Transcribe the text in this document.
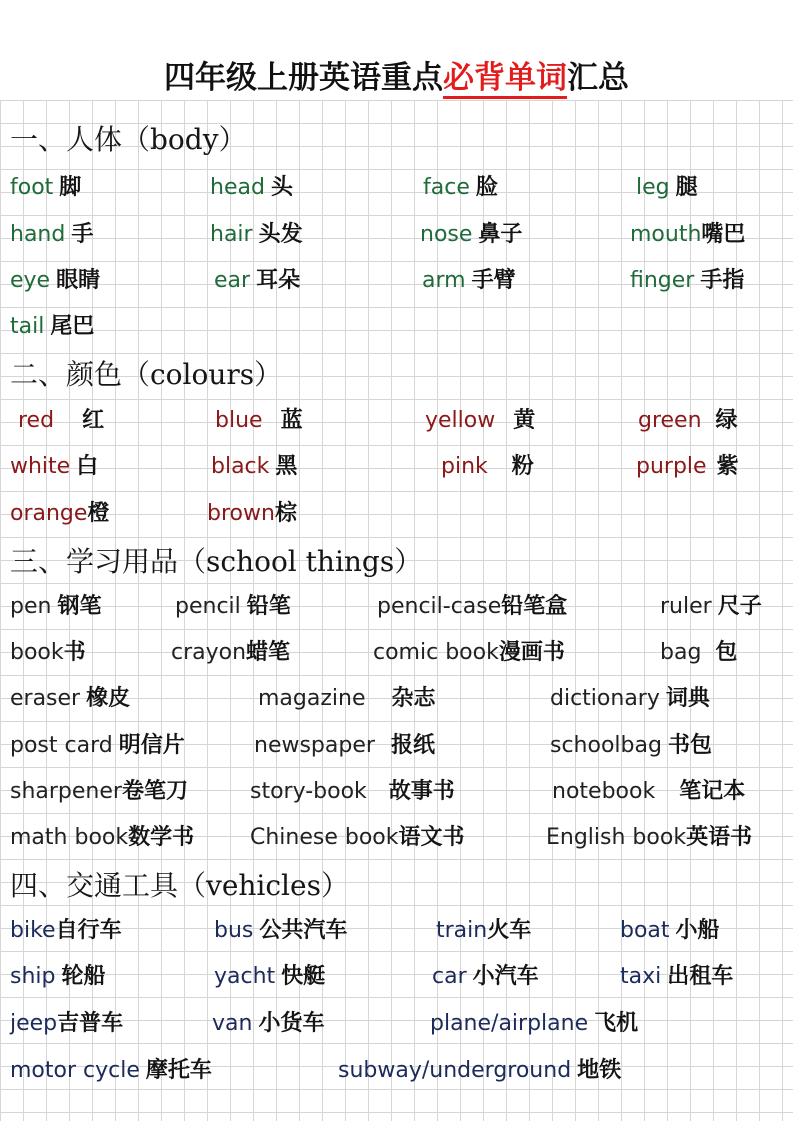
四年级上册英语重点必背单词汇总
一、人体（body）
foot 脚	head 头	face 脸	leg 腿
hand 手	hair 头发	nose 鼻子	mouth嘴巴
eye 眼睛	ear 耳朵	arm 手臂	finger 手指
tail 尾巴
二、颜色（colours）
red 红	blue 蓝	yellow 黄	green 绿
white 白	black 黑	pink 粉	purple 紫
orange橙	brown棕
三、学习用品（school things）
pen 钢笔	pencil 铅笔	pencil-case铅笔盒	ruler 尺子
book书	crayon蜡笔	comic book漫画书	bag 包
eraser 橡皮	magazine 杂志	dictionary 词典
post card 明信片	newspaper 报纸	schoolbag 书包
sharpener卷笔刀	story-book 故事书	notebook 笔记本
math book数学书	Chinese book语文书	English book英语书
四、交通工具（vehicles）
bike自行车	bus 公共汽车	train火车	boat 小船
ship 轮船	yacht 快艇	car 小汽车	taxi 出租车
jeep吉普车	van 小货车	plane/airplane 飞机
motor cycle 摩托车	subway/underground 地铁
